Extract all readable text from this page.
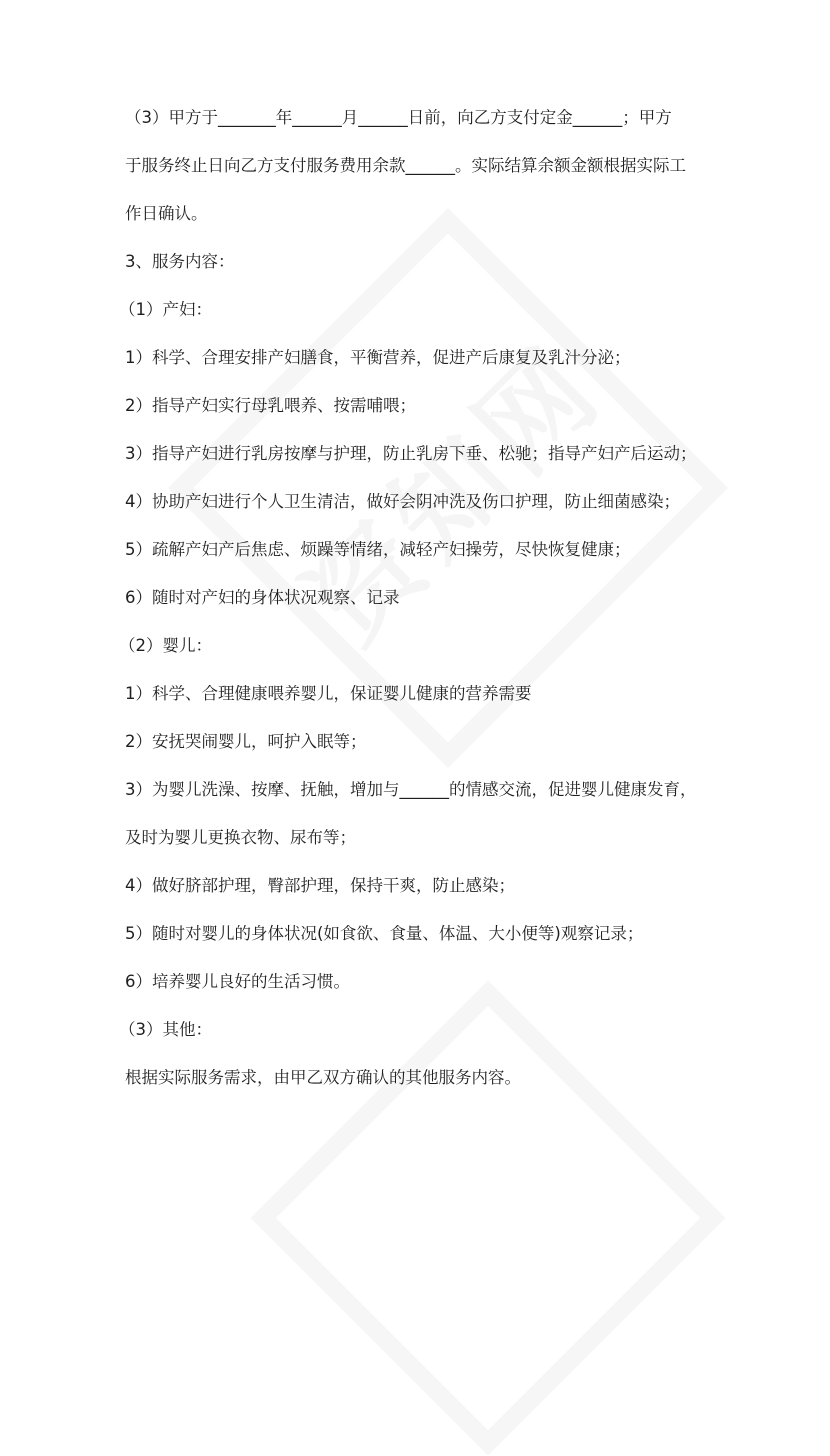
（3）甲方于_______年______月______日前，向乙方支付定金______；甲方
于服务终止日向乙方支付服务费用余款______。实际结算余额金额根据实际工
作日确认。
3、服务内容：
（1）产妇：
1）科学、合理安排产妇膳食，平衡营养，促进产后康复及乳汁分泌；
2）指导产妇实行母乳喂养、按需哺喂；
3）指导产妇进行乳房按摩与护理，防止乳房下垂、松驰；指导产妇产后运动；
4）协助产妇进行个人卫生清洁，做好会阴冲洗及伤口护理，防止细菌感染；
5）疏解产妇产后焦虑、烦躁等情绪，减轻产妇操劳，尽快恢复健康；
6）随时对产妇的身体状况观察、记录
（2）婴儿：
1）科学、合理健康喂养婴儿，保证婴儿健康的营养需要
2）安抚哭闹婴儿，呵护入眠等；
3）为婴儿洗澡、按摩、抚触，增加与______的情感交流，促进婴儿健康发育，
及时为婴儿更换衣物、尿布等；
4）做好脐部护理，臀部护理，保持干爽，防止感染；
5）随时对婴儿的身体状况(如食欲、食量、体温、大小便等)观察记录；
6）培养婴儿良好的生活习惯。
（3）其他：
根据实际服务需求，由甲乙双方确认的其他服务内容。
